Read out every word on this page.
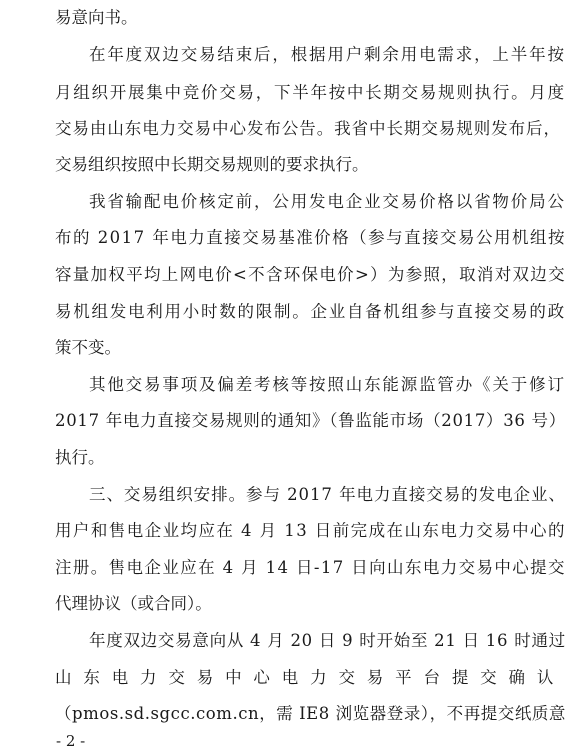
易意向书。

在年度双边交易结束后，根据用户剩余用电需求，上半年按

月组织开展集中竞价交易，下半年按中长期交易规则执行。月度

交易由山东电力交易中心发布公告。我省中长期交易规则发布后，

交易组织按照中长期交易规则的要求执行。

我省输配电价核定前，公用发电企业交易价格以省物价局公

布的 2017 年电力直接交易基准价格（参与直接交易公用机组按

容量加权平均上网电价<不含环保电价>）为参照，取消对双边交

易机组发电利用小时数的限制。企业自备机组参与直接交易的政

策不变。

其他交易事项及偏差考核等按照山东能源监管办《关于修订

2017 年电力直接交易规则的通知》（鲁监能市场（2017）36 号）

执行。

三、交易组织安排。参与 2017 年电力直接交易的发电企业、

用户和售电企业均应在 4 月 13 日前完成在山东电力交易中心的

注册。售电企业应在 4 月 14 日-17 日向山东电力交易中心提交

代理协议（或合同）。

年度双边交易意向从 4 月 20 日 9 时开始至 21 日 16 时通过

山东电力交易中心电力交易平台提交确认

（pmos.sd.sgcc.com.cn，需 IE8 浏览器登录），不再提交纸质意

- 2 -
